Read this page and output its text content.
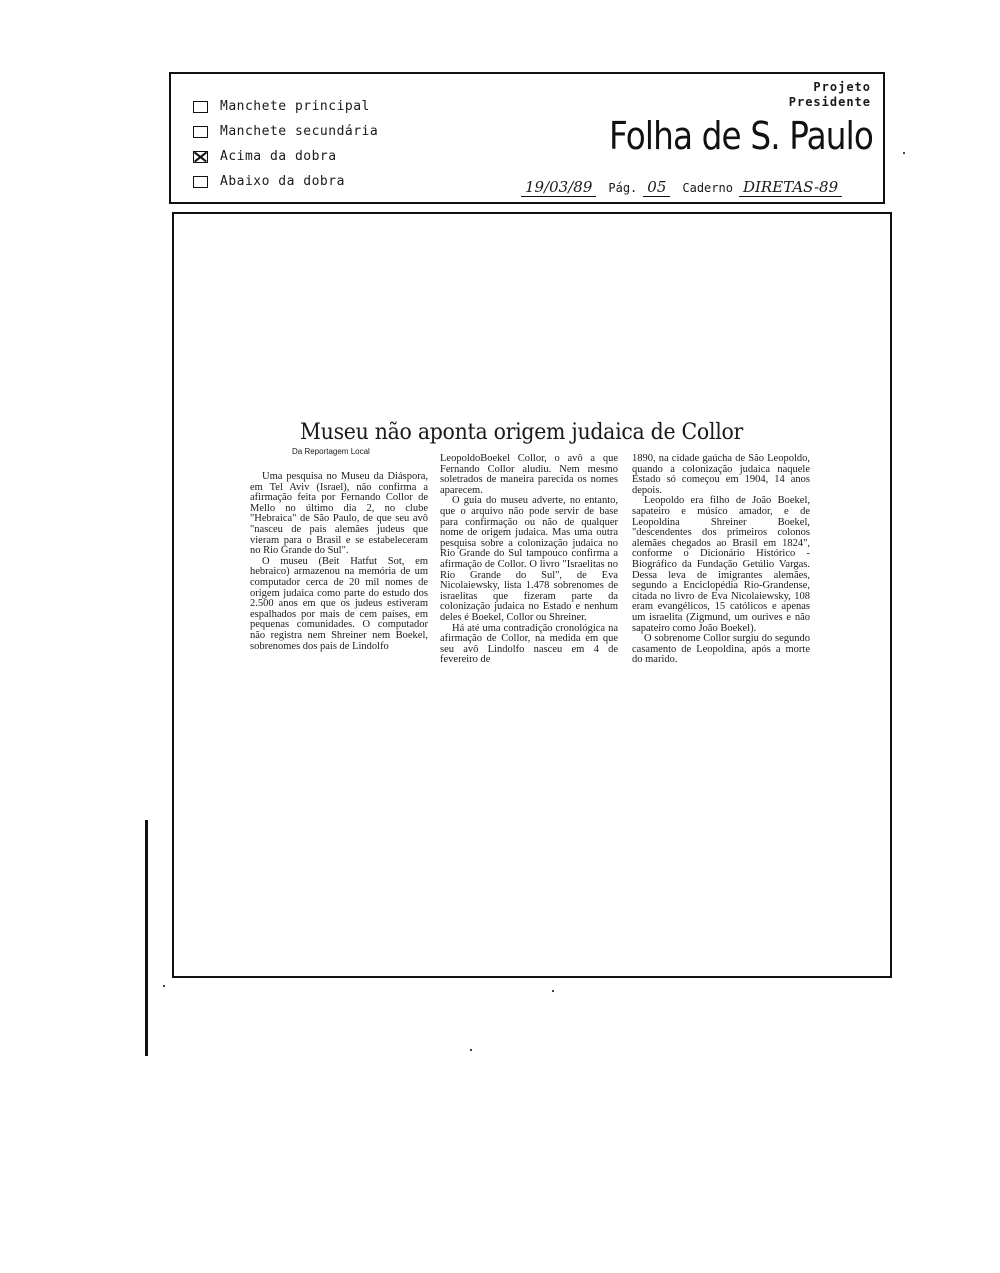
Manchete principal
Manchete secundária
Acima da dobra
Abaixo da dobra
Projeto
Presidente
Folha de S. Paulo
19/03/89	Pág. 05	Caderno DIRETAS-89
Museu não aponta origem judaica de Collor
Da Reportagem Local

Uma pesquisa no Museu da Diáspora, em Tel Aviv (Israel), não confirma a afirmação feita por Fernando Collor de Mello no último dia 2, no clube "Hebraica" de São Paulo, de que seu avô "nasceu de pais alemães judeus que vieram para o Brasil e se estabeleceram no Rio Grande do Sul".

O museu (Beit Hatfut Sot, em hebraico) armazenou na memória de um computador cerca de 20 mil nomes de origem judaica como parte do estudo dos 2.500 anos em que os judeus estiveram espalhados por mais de cem países, em pequenas comunidades. O computador não registra nem Shreiner nem Boekel, sobrenomes dos pais de Lindolfo

LeopoldoBoekel Collor, o avô a que Fernando Collor aludiu. Nem mesmo soletrados de maneira parecida os nomes aparecem.

O guia do museu adverte, no entanto, que o arquivo não pode servir de base para confirmação ou não de qualquer nome de origem judaica. Mas uma outra pesquisa sobre a colonização judaica no Rio Grande do Sul tampouco confirma a afirmação de Collor. O livro "Israelitas no Rio Grande do Sul", de Eva Nicolaiewsky, lista 1.478 sobrenomes de israelitas que fizeram parte da colonização judaica no Estado e nenhum deles é Boekel, Collor ou Shreiner.

Há até uma contradição cronológica na afirmação de Collor, na medida em que seu avô Lindolfo nasceu em 4 de fevereiro de

1890, na cidade gaúcha de São Leopoldo, quando a colonização judaica naquele Estado só começou em 1904, 14 anos depois.

Leopoldo era filho de João Boekel, sapateiro e músico amador, e de Leopoldina Shreiner Boekel, "descendentes dos primeiros colonos alemães chegados ao Brasil em 1824", conforme o Dicionário Histórico -Biográfico da Fundação Getúlio Vargas. Dessa leva de imigrantes alemães, segundo a Enciclopédia Rio-Grandense, citada no livro de Eva Nicolaiewsky, 108 eram evangélicos, 15 católicos e apenas um israelita (Zigmund, um ourives e não sapateiro como João Boekel).

O sobrenome Collor surgiu do segundo casamento de Leopoldina, após a morte do marido.
